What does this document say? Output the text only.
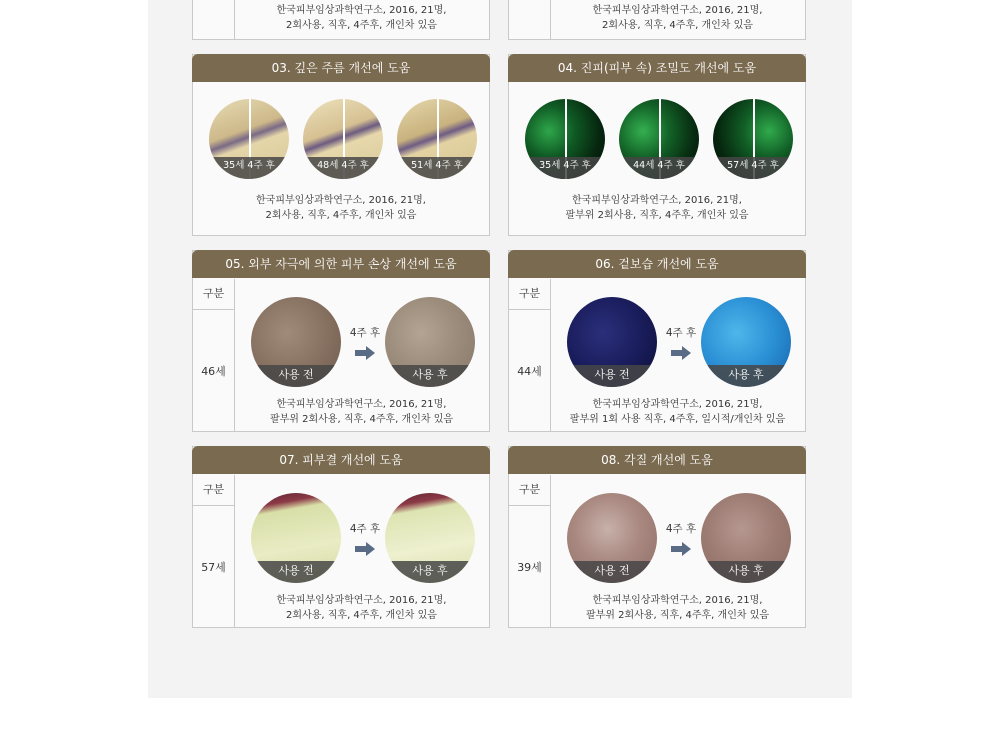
한국피부임상과학연구소, 2016, 21명,
2회사용, 직후, 4주후, 개인차 있음
한국피부임상과학연구소, 2016, 21명,
2회사용, 직후, 4주후, 개인차 있음
03. 깊은 주름 개선에 도움
35세 4주 후	48세 4주 후	51세 4주 후
한국피부임상과학연구소, 2016, 21명,
2회사용, 직후, 4주후, 개인차 있음
04. 진피(피부 속) 조밀도 개선에 도움
35세 4주 후	44세 4주 후	57세 4주 후
한국피부임상과학연구소, 2016, 21명,
팔부위 2회사용, 직후, 4주후, 개인차 있음
05. 외부 자극에 의한 피부 손상 개선에 도움
구분
46세	사용 전
4주 후
사용 후
한국피부임상과학연구소, 2016, 21명,
팔부위 2회사용, 직후, 4주후, 개인차 있음
06. 겉보습 개선에 도움
구분
44세	사용 전
4주 후
사용 후
한국피부임상과학연구소, 2016, 21명,
팔부위 1회 사용 직후, 4주후, 일시적/개인차 있음
07. 피부결 개선에 도움
구분
57세	사용 전
4주 후
사용 후
한국피부임상과학연구소, 2016, 21명,
2회사용, 직후, 4주후, 개인차 있음
08. 각질 개선에 도움
구분
39세	사용 전
4주 후
사용 후
한국피부임상과학연구소, 2016, 21명,
팔부위 2회사용, 직후, 4주후, 개인차 있음
